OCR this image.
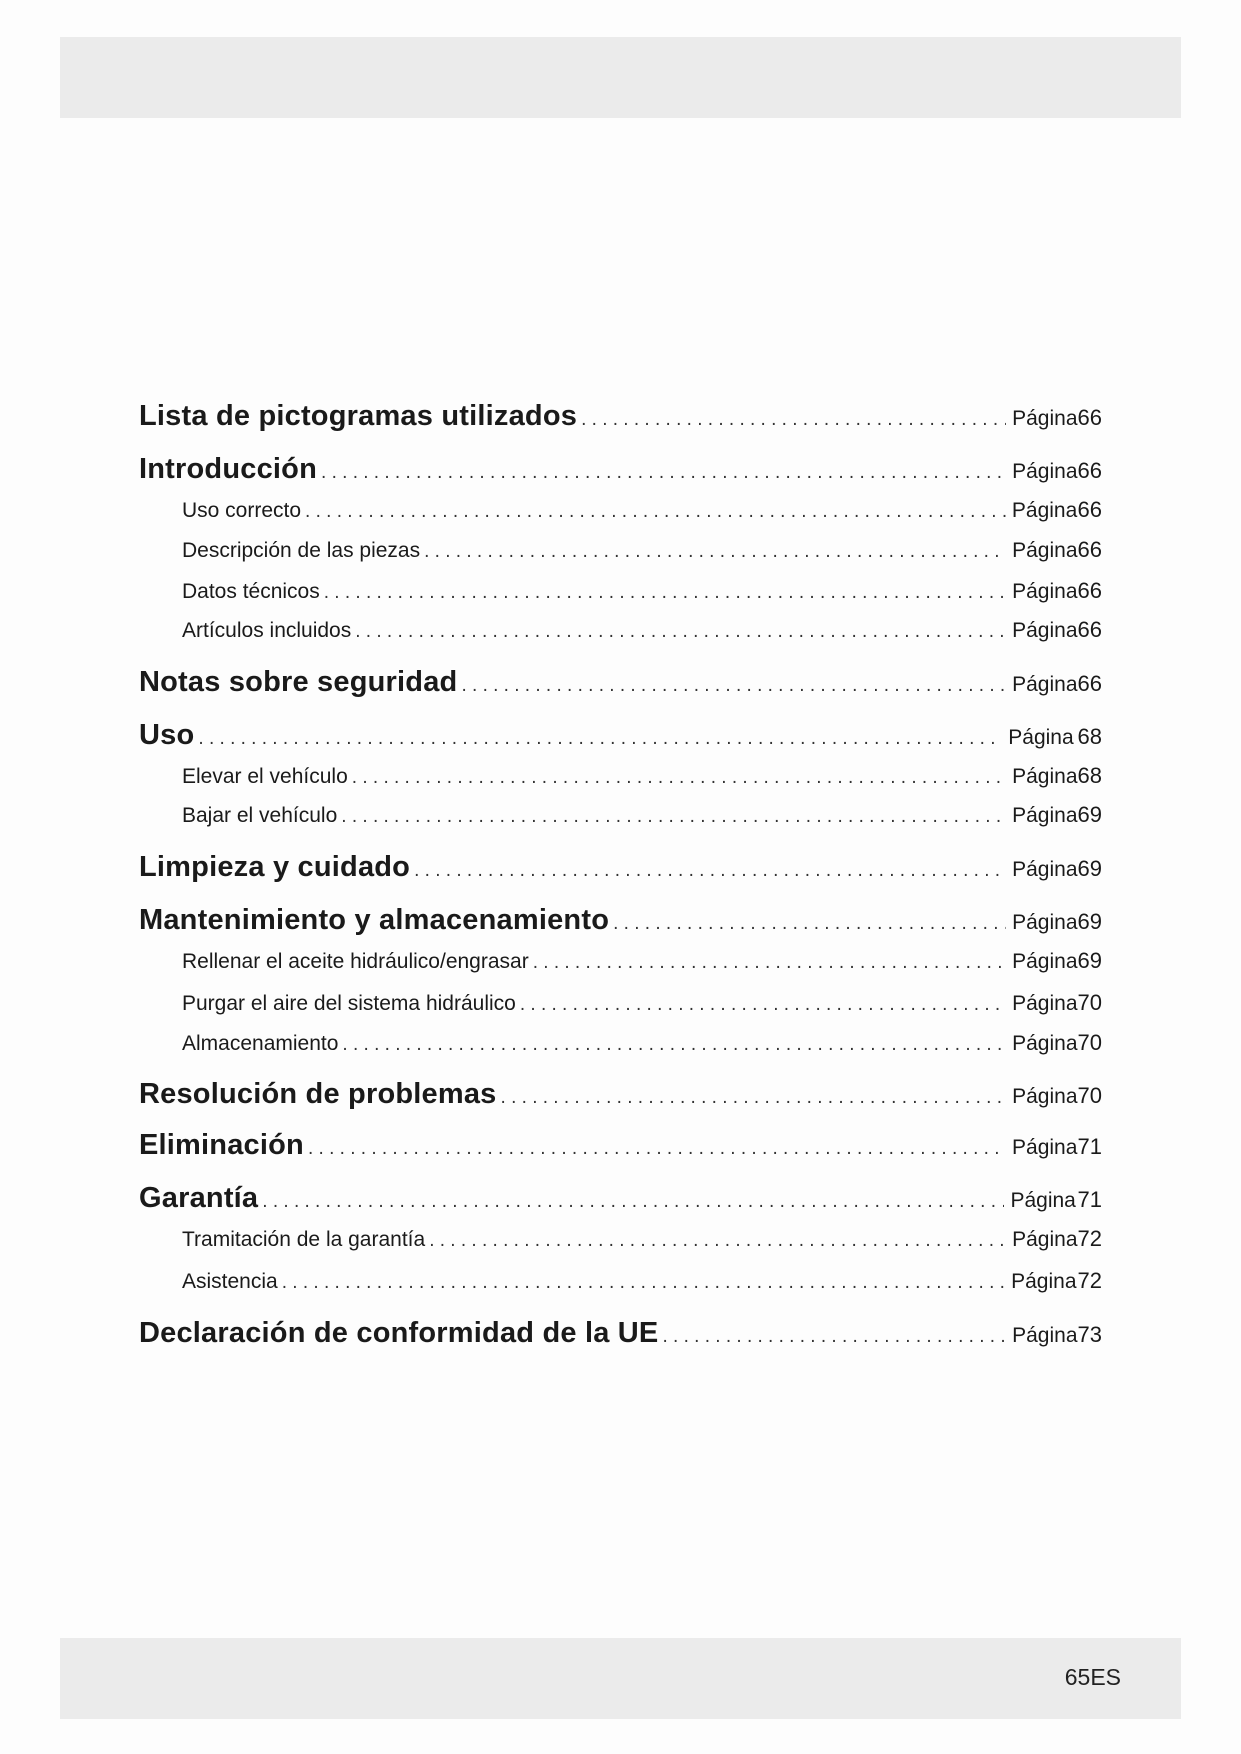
Lista de pictogramas utilizados . . .	Página 66
Introducción . . .	Página 66
Uso correcto . . .	Página 66
Descripción de las piezas . . .	Página 66
Datos técnicos . . .	Página 66
Artículos incluidos . . .	Página 66
Notas sobre seguridad . . .	Página 66
Uso . . .	Página 68
Elevar el vehículo . . .	Página 68
Bajar el vehículo . . .	Página 69
Limpieza y cuidado . . .	Página 69
Mantenimiento y almacenamiento . . .	Página 69
Rellenar el aceite hidráulico/engrasar . . .	Página 69
Purgar el aire del sistema hidráulico . . .	Página 70
Almacenamiento . . .	Página 70
Resolución de problemas . . .	Página 70
Eliminación . . .	Página 71
Garantía . . .	Página 71
Tramitación de la garantía . . .	Página 72
Asistencia . . .	Página 72
Declaración de conformidad de la UE . . .	Página 73
65ES
